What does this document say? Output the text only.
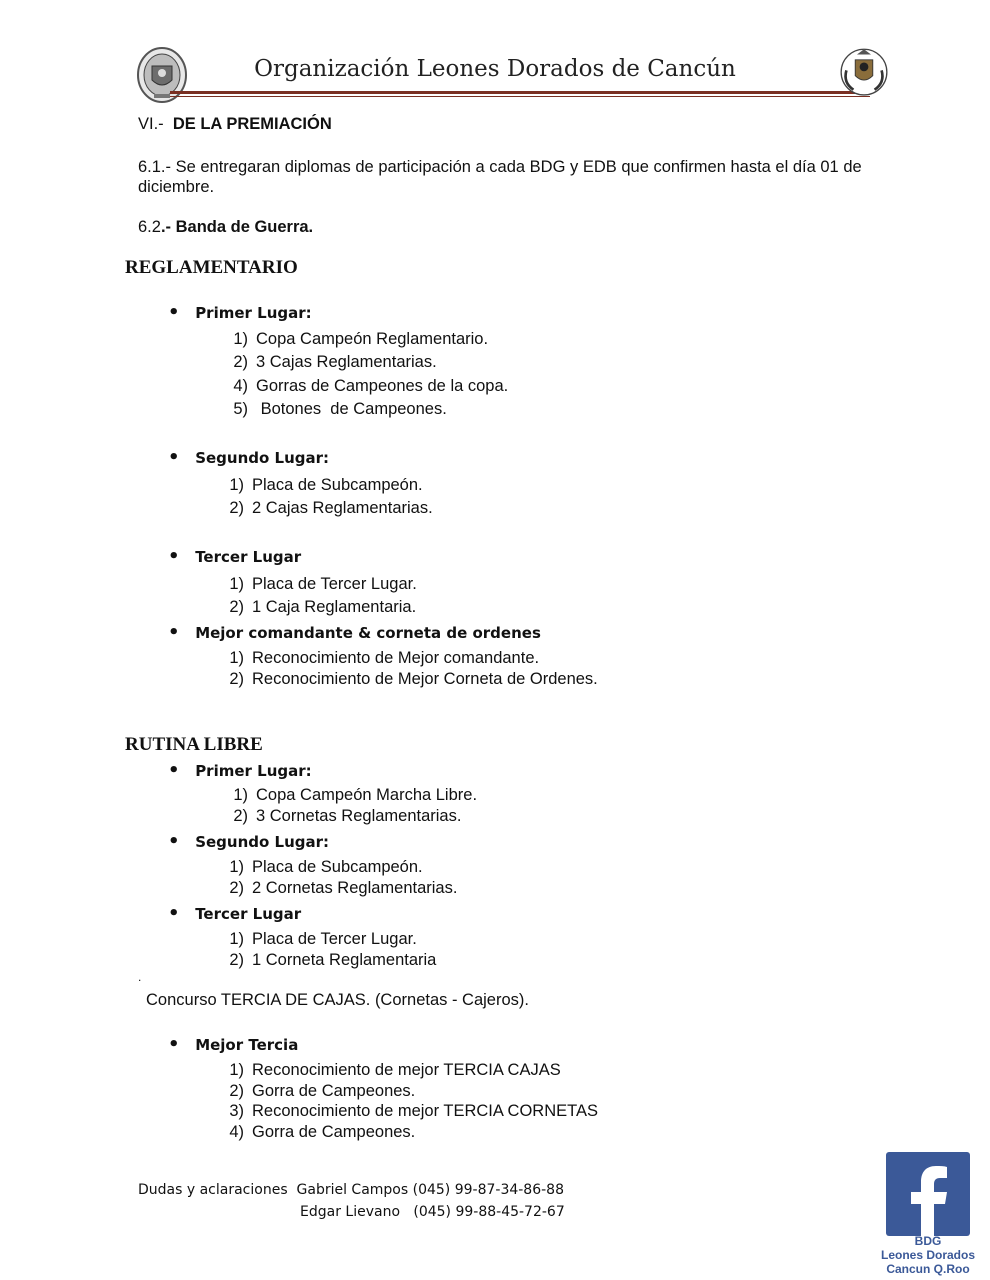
Organización Leones Dorados de Cancún
VI.- DE LA PREMIACIÓN
6.1.- Se entregaran diplomas de participación a cada BDG y EDB que confirmen hasta el día 01 de
diciembre.
6.2.- Banda de Guerra.
REGLAMENTARIO
• Primer Lugar:
1) Copa Campeón Reglamentario.
2) 3 Cajas Reglamentarias.
4) Gorras de Campeones de la copa.
5) Botones  de Campeones.
• Segundo Lugar:
1) Placa de Subcampeón.
2) 2 Cajas Reglamentarias.
• Tercer Lugar
1) Placa de Tercer Lugar.
2) 1 Caja Reglamentaria.
• Mejor comandante & corneta de ordenes
1) Reconocimiento de Mejor comandante.
2) Reconocimiento de Mejor Corneta de Ordenes.
RUTINA LIBRE
• Primer Lugar:
1) Copa Campeón Marcha Libre.
2) 3 Cornetas Reglamentarias.
• Segundo Lugar:
1) Placa de Subcampeón.
2) 2 Cornetas Reglamentarias.
• Tercer Lugar
1) Placa de Tercer Lugar.
2) 1 Corneta Reglamentaria
.
Concurso TERCIA DE CAJAS. (Cornetas - Cajeros).
• Mejor Tercia
1) Reconocimiento de mejor TERCIA CAJAS
2) Gorra de Campeones.
3) Reconocimiento de mejor TERCIA CORNETAS
4) Gorra de Campeones.
Dudas y aclaraciones  Gabriel Campos (045) 99-87-34-86-88
Edgar Lievano   (045) 99-88-45-72-67
BDG
Leones Dorados
Cancun Q.Roo
